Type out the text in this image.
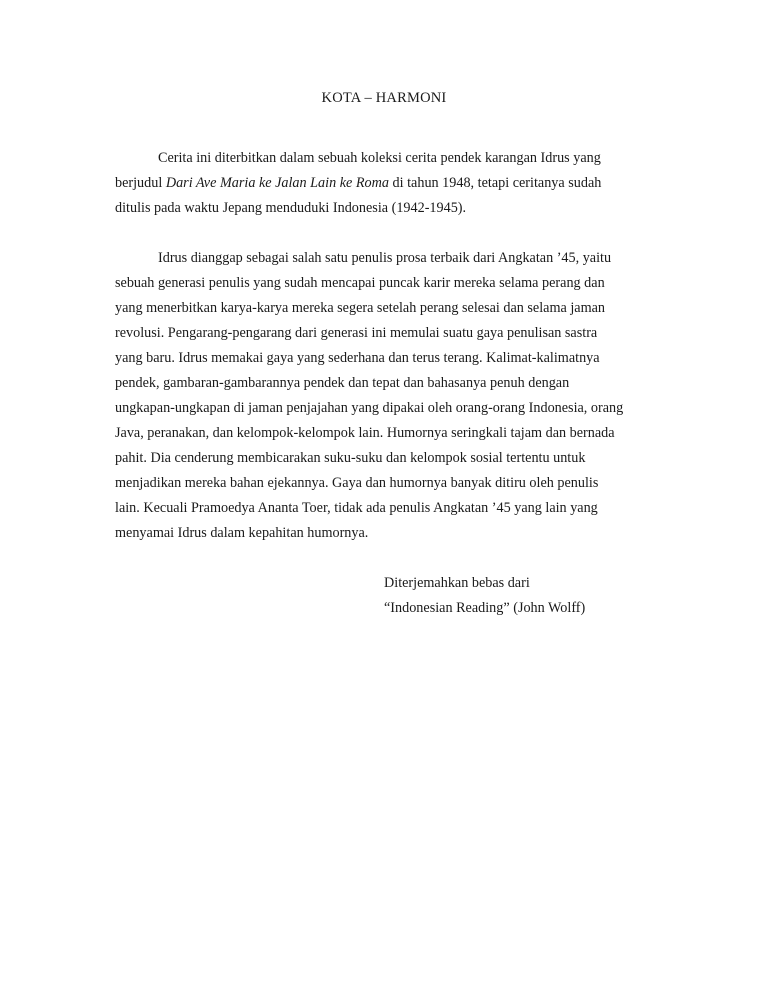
KOTA – HARMONI
Cerita ini diterbitkan dalam sebuah koleksi cerita pendek karangan Idrus yang
berjudul Dari Ave Maria ke Jalan Lain ke Roma di tahun 1948, tetapi ceritanya sudah
ditulis pada waktu Jepang menduduki Indonesia (1942-1945).
Idrus dianggap sebagai salah satu penulis prosa terbaik dari Angkatan ’45, yaitu
sebuah generasi penulis yang sudah mencapai puncak karir mereka selama perang dan
yang menerbitkan karya-karya mereka segera setelah perang selesai dan selama jaman
revolusi. Pengarang-pengarang dari generasi ini memulai suatu gaya penulisan sastra
yang baru. Idrus memakai gaya yang sederhana dan terus terang. Kalimat-kalimatnya
pendek, gambaran-gambarannya pendek dan tepat dan bahasanya penuh dengan
ungkapan-ungkapan di jaman penjajahan yang dipakai oleh orang-orang Indonesia, orang
Java, peranakan, dan kelompok-kelompok lain. Humornya seringkali tajam dan bernada
pahit. Dia cenderung membicarakan suku-suku dan kelompok sosial tertentu untuk
menjadikan mereka bahan ejekannya. Gaya dan humornya banyak ditiru oleh penulis
lain. Kecuali Pramoedya Ananta Toer, tidak ada penulis Angkatan ’45 yang lain yang
menyamai Idrus dalam kepahitan humornya.
Diterjemahkan bebas dari
“Indonesian Reading” (John Wolff)
